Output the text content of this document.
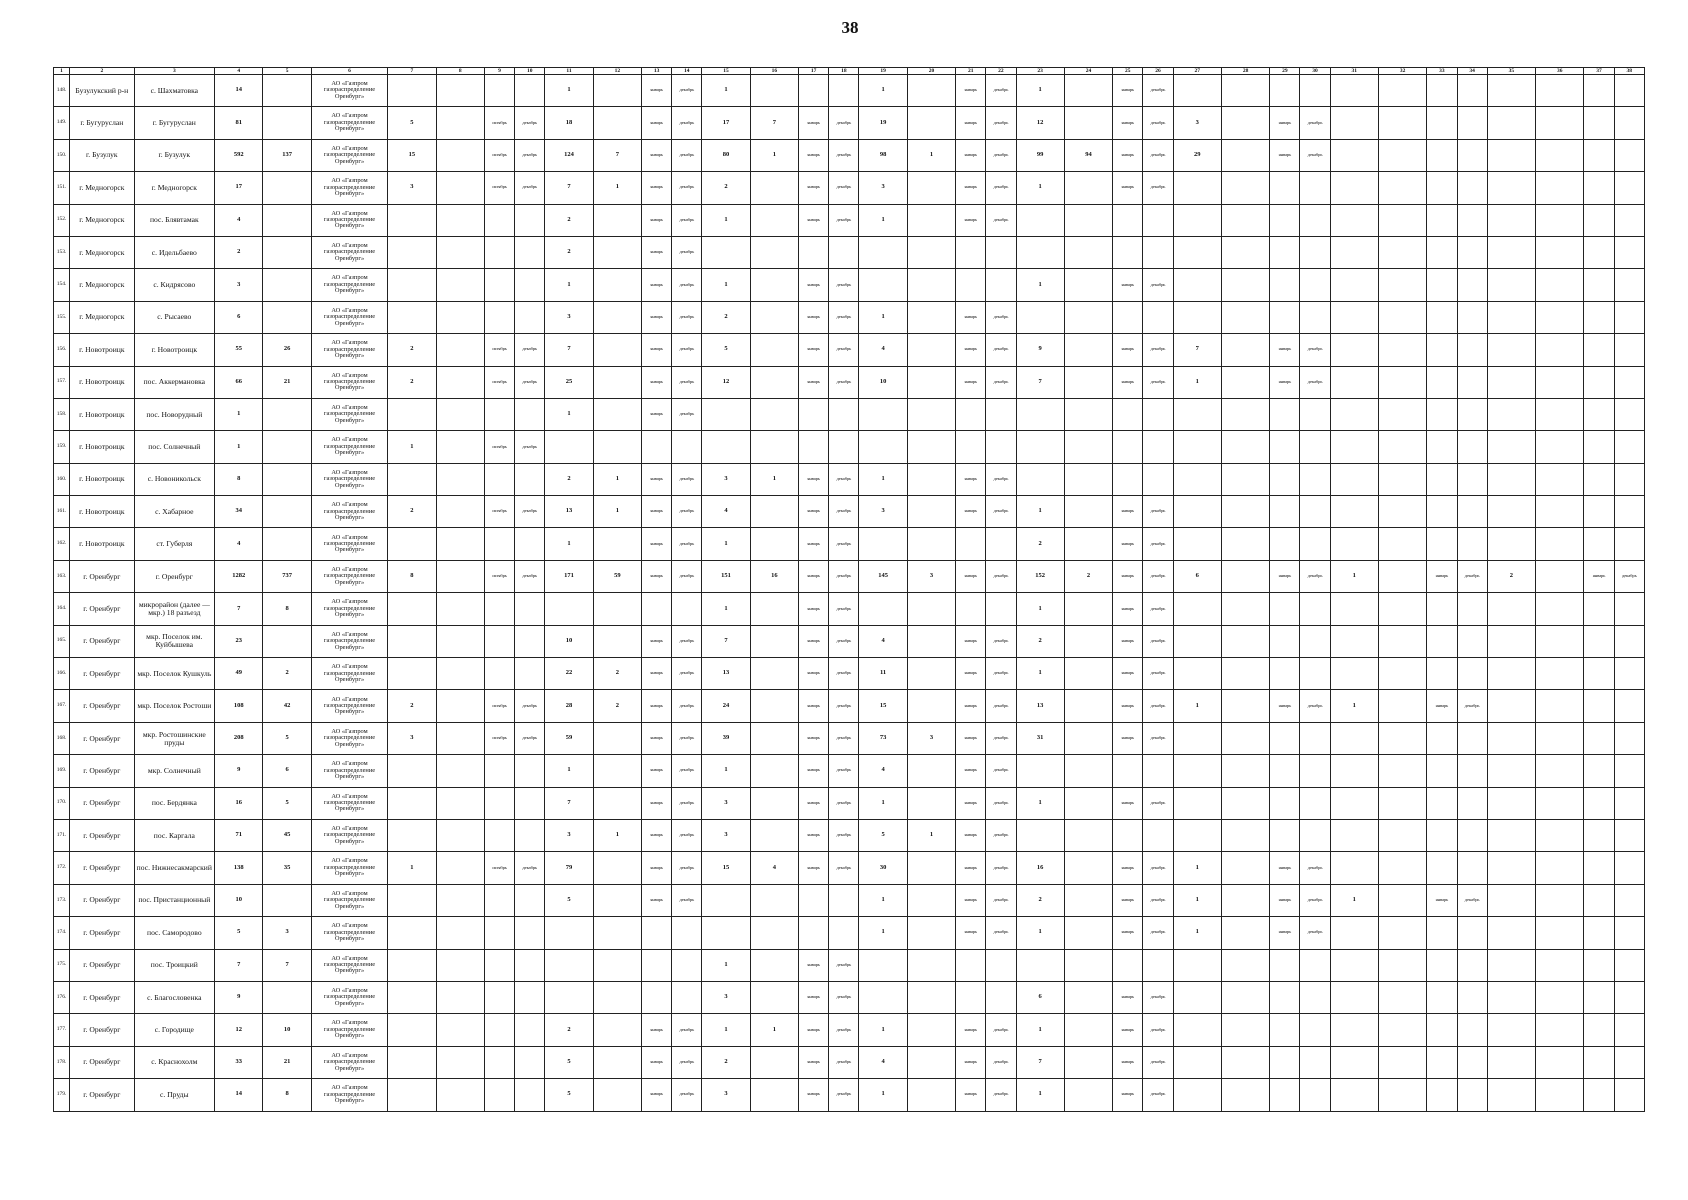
38
1	2	3	4	5	6	7	8	9	10	11	12	13	14	15	16	17	18	19	20	21	22	23	24	25	26	27	28	29	30	31	32	33	34	35	36	37	38
148.	Бузулукский р-н	с. Шахматовка	14		АО «Газпром газораспределение Оренбург»					1		январь	декабрь	1				1		январь	декабрь	1		январь	декабрь												
149.	г. Бугуруслан	г. Бугуруслан	81		АО «Газпром газораспределение Оренбург»	5		октябрь	декабрь	18		январь	декабрь	17	7	январь	декабрь	19		январь	декабрь	12		январь	декабрь	3		январь	декабрь								
150.	г. Бузулук	г. Бузулук	592	137	АО «Газпром газораспределение Оренбург»	15		октябрь	декабрь	124	7	январь	декабрь	80	1	январь	декабрь	98	1	январь	декабрь	99	94	январь	декабрь	29		январь	декабрь								
151.	г. Медногорск	г. Медногорск	17		АО «Газпром газораспределение Оренбург»	3		октябрь	декабрь	7	1	январь	декабрь	2		январь	декабрь	3		январь	декабрь	1		январь	декабрь												
152.	г. Медногорск	пос. Блявтамак	4		АО «Газпром газораспределение Оренбург»					2		январь	декабрь	1		январь	декабрь	1		январь	декабрь																
153.	г. Медногорск	с. Идельбаево	2		АО «Газпром газораспределение Оренбург»					2		январь	декабрь																								
154.	г. Медногорск	с. Кидрясово	3		АО «Газпром газораспределение Оренбург»					1		январь	декабрь	1		январь	декабрь					1		январь	декабрь												
155.	г. Медногорск	с. Рысаево	6		АО «Газпром газораспределение Оренбург»					3		январь	декабрь	2		январь	декабрь	1		январь	декабрь																
156.	г. Новотроицк	г. Новотроицк	55	26	АО «Газпром газораспределение Оренбург»	2		октябрь	декабрь	7		январь	декабрь	5		январь	декабрь	4		январь	декабрь	9		январь	декабрь	7		январь	декабрь								
157.	г. Новотроицк	пос. Аккермановка	66	21	АО «Газпром газораспределение Оренбург»	2		октябрь	декабрь	25		январь	декабрь	12		январь	декабрь	10		январь	декабрь	7		январь	декабрь	1		январь	декабрь								
158.	г. Новотроицк	пос. Новорудный	1		АО «Газпром газораспределение Оренбург»					1		январь	декабрь																								
159.	г. Новотроицк	пос. Солнечный	1		АО «Газпром газораспределение Оренбург»	1		октябрь	декабрь																												
160.	г. Новотроицк	с. Новоникольск	8		АО «Газпром газораспределение Оренбург»					2	1	январь	декабрь	3	1	январь	декабрь	1		январь	декабрь																
161.	г. Новотроицк	с. Хабарное	34		АО «Газпром газораспределение Оренбург»	2		октябрь	декабрь	13	1	январь	декабрь	4		январь	декабрь	3		январь	декабрь	1		январь	декабрь												
162.	г. Новотроицк	ст. Губерля	4		АО «Газпром газораспределение Оренбург»					1		январь	декабрь	1		январь	декабрь					2		январь	декабрь												
163.	г. Оренбург	г. Оренбург	1282	737	АО «Газпром газораспределение Оренбург»	8		октябрь	декабрь	171	59	январь	декабрь	151	16	январь	декабрь	145	3	январь	декабрь	152	2	январь	декабрь	6		январь	декабрь	1		январь	декабрь	2		январь	декабрь
164.	г. Оренбург	микрорайон (далее — мкр.) 18 разъезд	7	8	АО «Газпром газораспределение Оренбург»									1		январь	декабрь					1		январь	декабрь												
165.	г. Оренбург	мкр. Поселок им. Куйбышева	23		АО «Газпром газораспределение Оренбург»					10		январь	декабрь	7		январь	декабрь	4		январь	декабрь	2		январь	декабрь												
166.	г. Оренбург	мкр. Поселок Кушкуль	49	2	АО «Газпром газораспределение Оренбург»					22	2	январь	декабрь	13		январь	декабрь	11		январь	декабрь	1		январь	декабрь												
167.	г. Оренбург	мкр. Поселок Ростоши	108	42	АО «Газпром газораспределение Оренбург»	2		октябрь	декабрь	28	2	январь	декабрь	24		январь	декабрь	15		январь	декабрь	13		январь	декабрь	1		январь	декабрь	1		январь	декабрь				
168.	г. Оренбург	мкр. Ростошинские пруды	208	5	АО «Газпром газораспределение Оренбург»	3		октябрь	декабрь	59		январь	декабрь	39		январь	декабрь	73	3	январь	декабрь	31		январь	декабрь												
169.	г. Оренбург	мкр. Солнечный	9	6	АО «Газпром газораспределение Оренбург»					1		январь	декабрь	1		январь	декабрь	4		январь	декабрь																
170.	г. Оренбург	пос. Бердянка	16	5	АО «Газпром газораспределение Оренбург»					7		январь	декабрь	3		январь	декабрь	1		январь	декабрь	1		январь	декабрь												
171.	г. Оренбург	пос. Каргала	71	45	АО «Газпром газораспределение Оренбург»					3	1	январь	декабрь	3		январь	декабрь	5	1	январь	декабрь																
172.	г. Оренбург	пос. Нижнесакмарский	138	35	АО «Газпром газораспределение Оренбург»	1		октябрь	декабрь	79		январь	декабрь	15	4	январь	декабрь	30		январь	декабрь	16		январь	декабрь	1		январь	декабрь								
173.	г. Оренбург	пос. Пристанционный	10		АО «Газпром газораспределение Оренбург»					5		январь	декабрь					1		январь	декабрь	2		январь	декабрь	1		январь	декабрь	1		январь	декабрь				
174.	г. Оренбург	пос. Самородово	5	3	АО «Газпром газораспределение Оренбург»													1		январь	декабрь	1		январь	декабрь	1		январь	декабрь								
175.	г. Оренбург	пос. Троицкий	7	7	АО «Газпром газораспределение Оренбург»									1		январь	декабрь																				
176.	г. Оренбург	с. Благословенка	9		АО «Газпром газораспределение Оренбург»									3		январь	декабрь					6		январь	декабрь												
177.	г. Оренбург	с. Городище	12	10	АО «Газпром газораспределение Оренбург»					2		январь	декабрь	1	1	январь	декабрь	1		январь	декабрь	1		январь	декабрь												
178.	г. Оренбург	с. Краснохолм	33	21	АО «Газпром газораспределение Оренбург»					5		январь	декабрь	2		январь	декабрь	4		январь	декабрь	7		январь	декабрь												
179.	г. Оренбург	с. Пруды	14	8	АО «Газпром газораспределение Оренбург»					5		январь	декабрь	3		январь	декабрь	1		январь	декабрь	1		январь	декабрь												
